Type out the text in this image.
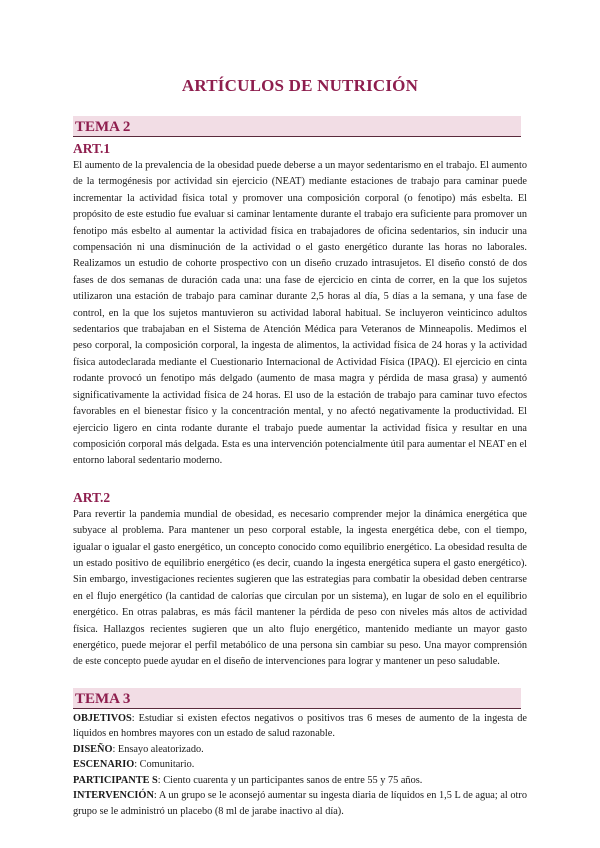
ARTÍCULOS DE NUTRICIÓN
TEMA 2
ART.1

El aumento de la prevalencia de la obesidad puede deberse a un mayor sedentarismo en el trabajo. El aumento de la termogénesis por actividad sin ejercicio (NEAT) mediante estaciones de trabajo para caminar puede incrementar la actividad física total y promover una composición corporal (o fenotipo) más esbelta. El propósito de este estudio fue evaluar si caminar lentamente durante el trabajo era suficiente para promover un fenotipo más esbelto al aumentar la actividad física en trabajadores de oficina sedentarios, sin inducir una compensación ni una disminución de la actividad o el gasto energético durante las horas no laborales. Realizamos un estudio de cohorte prospectivo con un diseño cruzado intrasujetos. El diseño constó de dos fases de dos semanas de duración cada una: una fase de ejercicio en cinta de correr, en la que los sujetos utilizaron una estación de trabajo para caminar durante 2,5 horas al día, 5 días a la semana, y una fase de control, en la que los sujetos mantuvieron su actividad laboral habitual. Se incluyeron veinticinco adultos sedentarios que trabajaban en el Sistema de Atención Médica para Veteranos de Minneapolis. Medimos el peso corporal, la composición corporal, la ingesta de alimentos, la actividad física de 24 horas y la actividad física autodeclarada mediante el Cuestionario Internacional de Actividad Física (IPAQ). El ejercicio en cinta rodante provocó un fenotipo más delgado (aumento de masa magra y pérdida de masa grasa) y aumentó significativamente la actividad física de 24 horas. El uso de la estación de trabajo para caminar tuvo efectos favorables en el bienestar físico y la concentración mental, y no afectó negativamente la productividad. El ejercicio ligero en cinta rodante durante el trabajo puede aumentar la actividad física y resultar en una composición corporal más delgada. Esta es una intervención potencialmente útil para aumentar el NEAT en el entorno laboral sedentario moderno.

ART.2

Para revertir la pandemia mundial de obesidad, es necesario comprender mejor la dinámica energética que subyace al problema. Para mantener un peso corporal estable, la ingesta energética debe, con el tiempo, igualar o igualar el gasto energético, un concepto conocido como equilibrio energético. La obesidad resulta de un estado positivo de equilibrio energético (es decir, cuando la ingesta energética supera el gasto energético). Sin embargo, investigaciones recientes sugieren que las estrategias para combatir la obesidad deben centrarse en el flujo energético (la cantidad de calorías que circulan por un sistema), en lugar de solo en el equilibrio energético. En otras palabras, es más fácil mantener la pérdida de peso con niveles más altos de actividad física. Hallazgos recientes sugieren que un alto flujo energético, mantenido mediante un mayor gasto energético, puede mejorar el perfil metabólico de una persona sin cambiar su peso. Una mayor comprensión de este concepto puede ayudar en el diseño de intervenciones para lograr y mantener un peso saludable.

TEMA 3

OBJETIVOS: Estudiar si existen efectos negativos o positivos tras 6 meses de aumento de la ingesta de líquidos en hombres mayores con un estado de salud razonable.

DISEÑO: Ensayo aleatorizado.

ESCENARIO: Comunitario.

PARTICIPANTE S: Ciento cuarenta y un participantes sanos de entre 55 y 75 años.

INTERVENCIÓN: A un grupo se le aconsejó aumentar su ingesta diaria de líquidos en 1,5 L de agua; al otro grupo se le administró un placebo (8 ml de jarabe inactivo al día).
